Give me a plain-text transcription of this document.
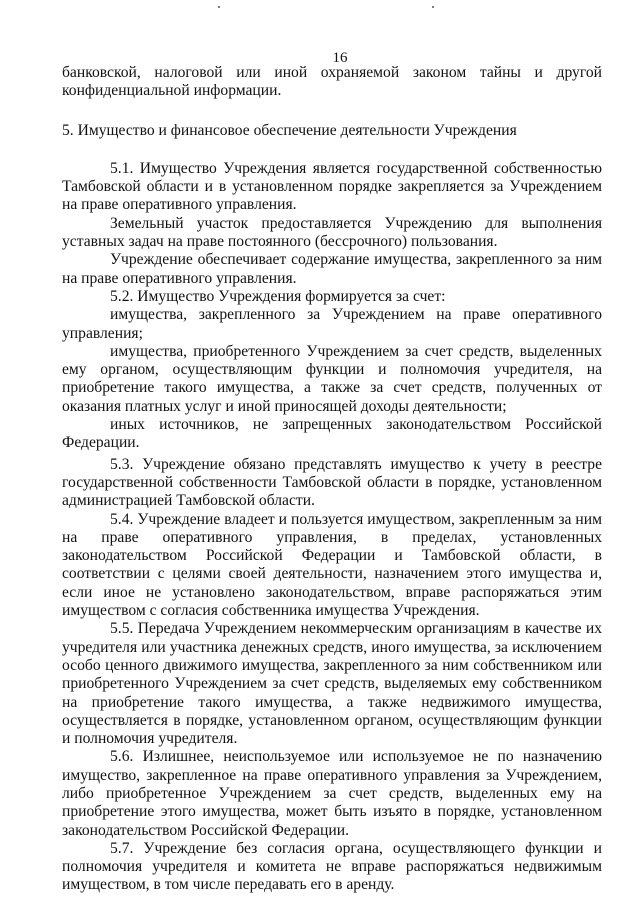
16

банковской, налоговой или иной охраняемой законом тайны и другой конфиденциальной информации.

5. Имущество и финансовое обеспечение деятельности Учреждения

5.1. Имущество Учреждения является государственной собственностью Тамбовской области и в установленном порядке закрепляется за Учреждением на праве оперативного управления.

Земельный участок предоставляется Учреждению для выполнения уставных задач на праве постоянного (бессрочного) пользования.

Учреждение обеспечивает содержание имущества, закрепленного за ним на праве оперативного управления.

5.2. Имущество Учреждения формируется за счет:

имущества, закрепленного за Учреждением на праве оперативного управления;

имущества, приобретенного Учреждением за счет средств, выделенных ему органом, осуществляющим функции и полномочия учредителя, на приобретение такого имущества, а также за счет средств, полученных от оказания платных услуг и иной приносящей доходы деятельности;

иных источников, не запрещенных законодательством Российской Федерации.

5.3. Учреждение обязано представлять имущество к учету в реестре государственной собственности Тамбовской области в порядке, установленном администрацией Тамбовской области.

5.4. Учреждение владеет и пользуется имуществом, закрепленным за ним на праве оперативного управления, в пределах, установленных законодательством Российской Федерации и Тамбовской области, в соответствии с целями своей деятельности, назначением этого имущества и, если иное не установлено законодательством, вправе распоряжаться этим имуществом с согласия собственника имущества Учреждения.

5.5. Передача Учреждением некоммерческим организациям в качестве их учредителя или участника денежных средств, иного имущества, за исключением особо ценного движимого имущества, закрепленного за ним собственником или приобретенного Учреждением за счет средств, выделяемых ему собственником на приобретение такого имущества, а также недвижимого имущества, осуществляется в порядке, установленном органом, осуществляющим функции и полномочия учредителя.

5.6. Излишнее, неиспользуемое или используемое не по назначению имущество, закрепленное на праве оперативного управления за Учреждением, либо приобретенное Учреждением за счет средств, выделенных ему на приобретение этого имущества, может быть изъято в порядке, установленном законодательством Российской Федерации.

5.7. Учреждение без согласия органа, осуществляющего функции и полномочия учредителя и комитета не вправе распоряжаться недвижимым имуществом, в том числе передавать его в аренду.
